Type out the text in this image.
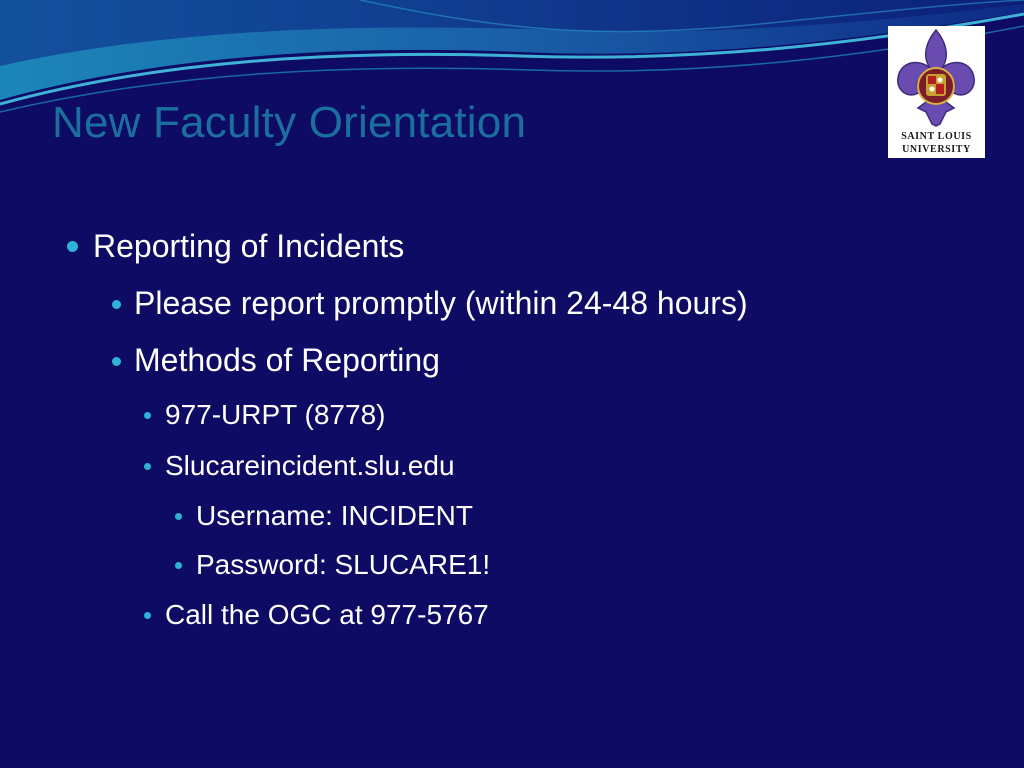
New Faculty Orientation	SAINT LOUIS
UNIVERSITY
Reporting of Incidents
Please report promptly (within 24-48 hours)
Methods of Reporting
977-URPT (8778)
Slucareincident.slu.edu
Username: INCIDENT
Password: SLUCARE1!
Call the OGC at 977-5767
